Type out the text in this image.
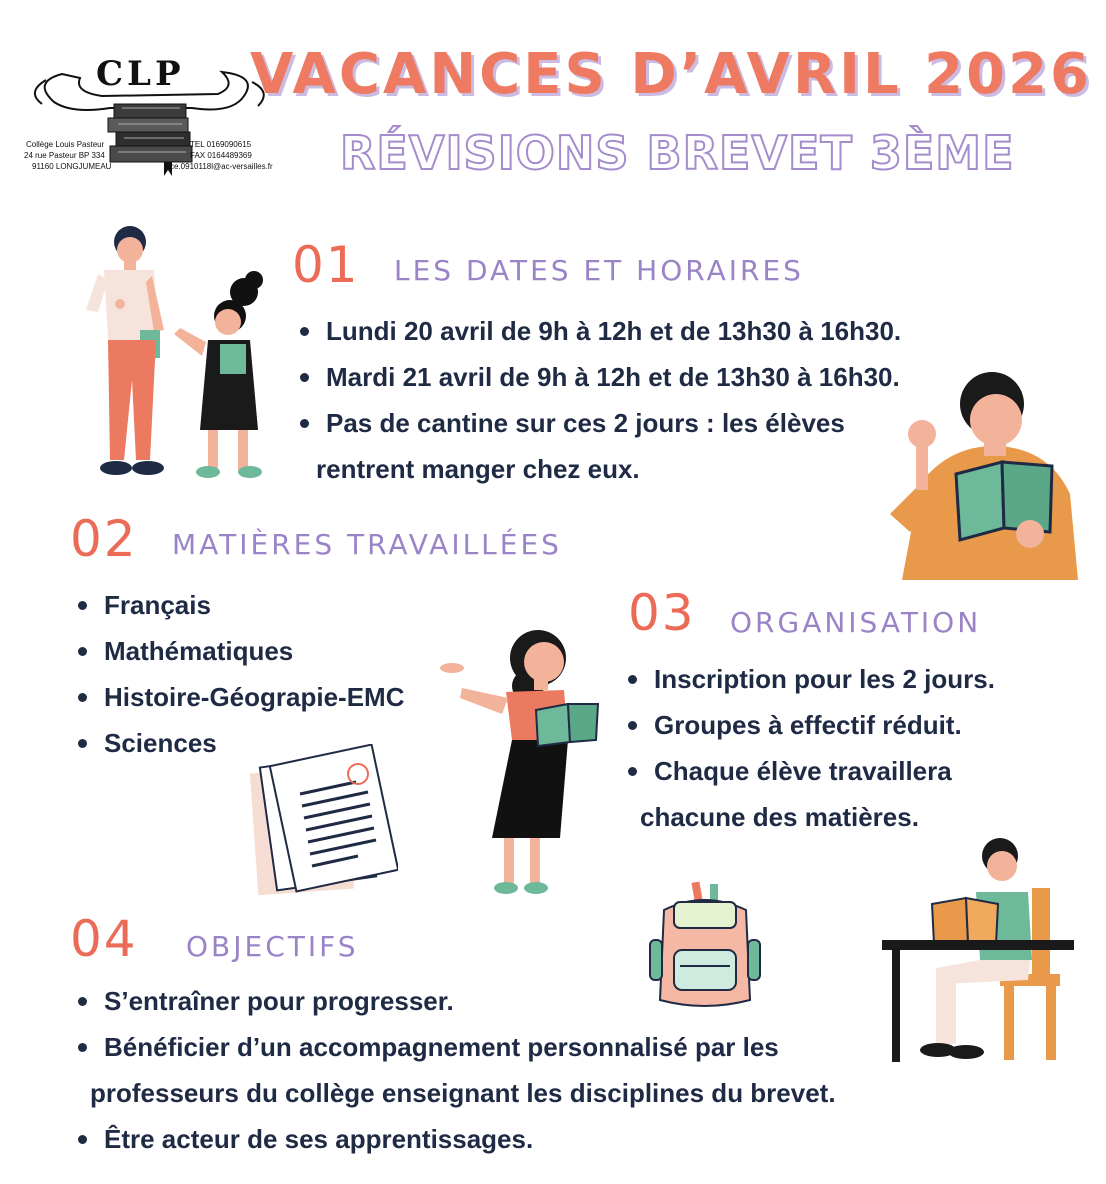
CLP
Collège Louis Pasteur
24 rue Pasteur BP 334
91160 LONGJUMEAU
TEL 0169090615
FAX 0164489369
ce.0910118l@ac-versailles.fr
VACANCES D’AVRIL 2026
RÉVISIONS BREVET 3ÈME
01 LES DATES ET HORAIRES
Lundi 20 avril de 9h à 12h et de 13h30 à 16h30.
Mardi 21 avril de 9h à 12h et de 13h30 à 16h30.
Pas de cantine sur ces 2 jours : les élèves
rentrent manger chez eux.
02 MATIÈRES TRAVAILLÉES
Français
Mathématiques
Histoire-Géograpie-EMC
Sciences
03 ORGANISATION
Inscription pour les 2 jours.
Groupes à effectif réduit.
Chaque élève travaillera
chacune des matières.
04 OBJECTIFS
S’entraîner pour progresser.
Bénéficier d’un accompagnement personnalisé par les
professeurs du collège enseignant les disciplines du brevet.
Être acteur de ses apprentissages.
